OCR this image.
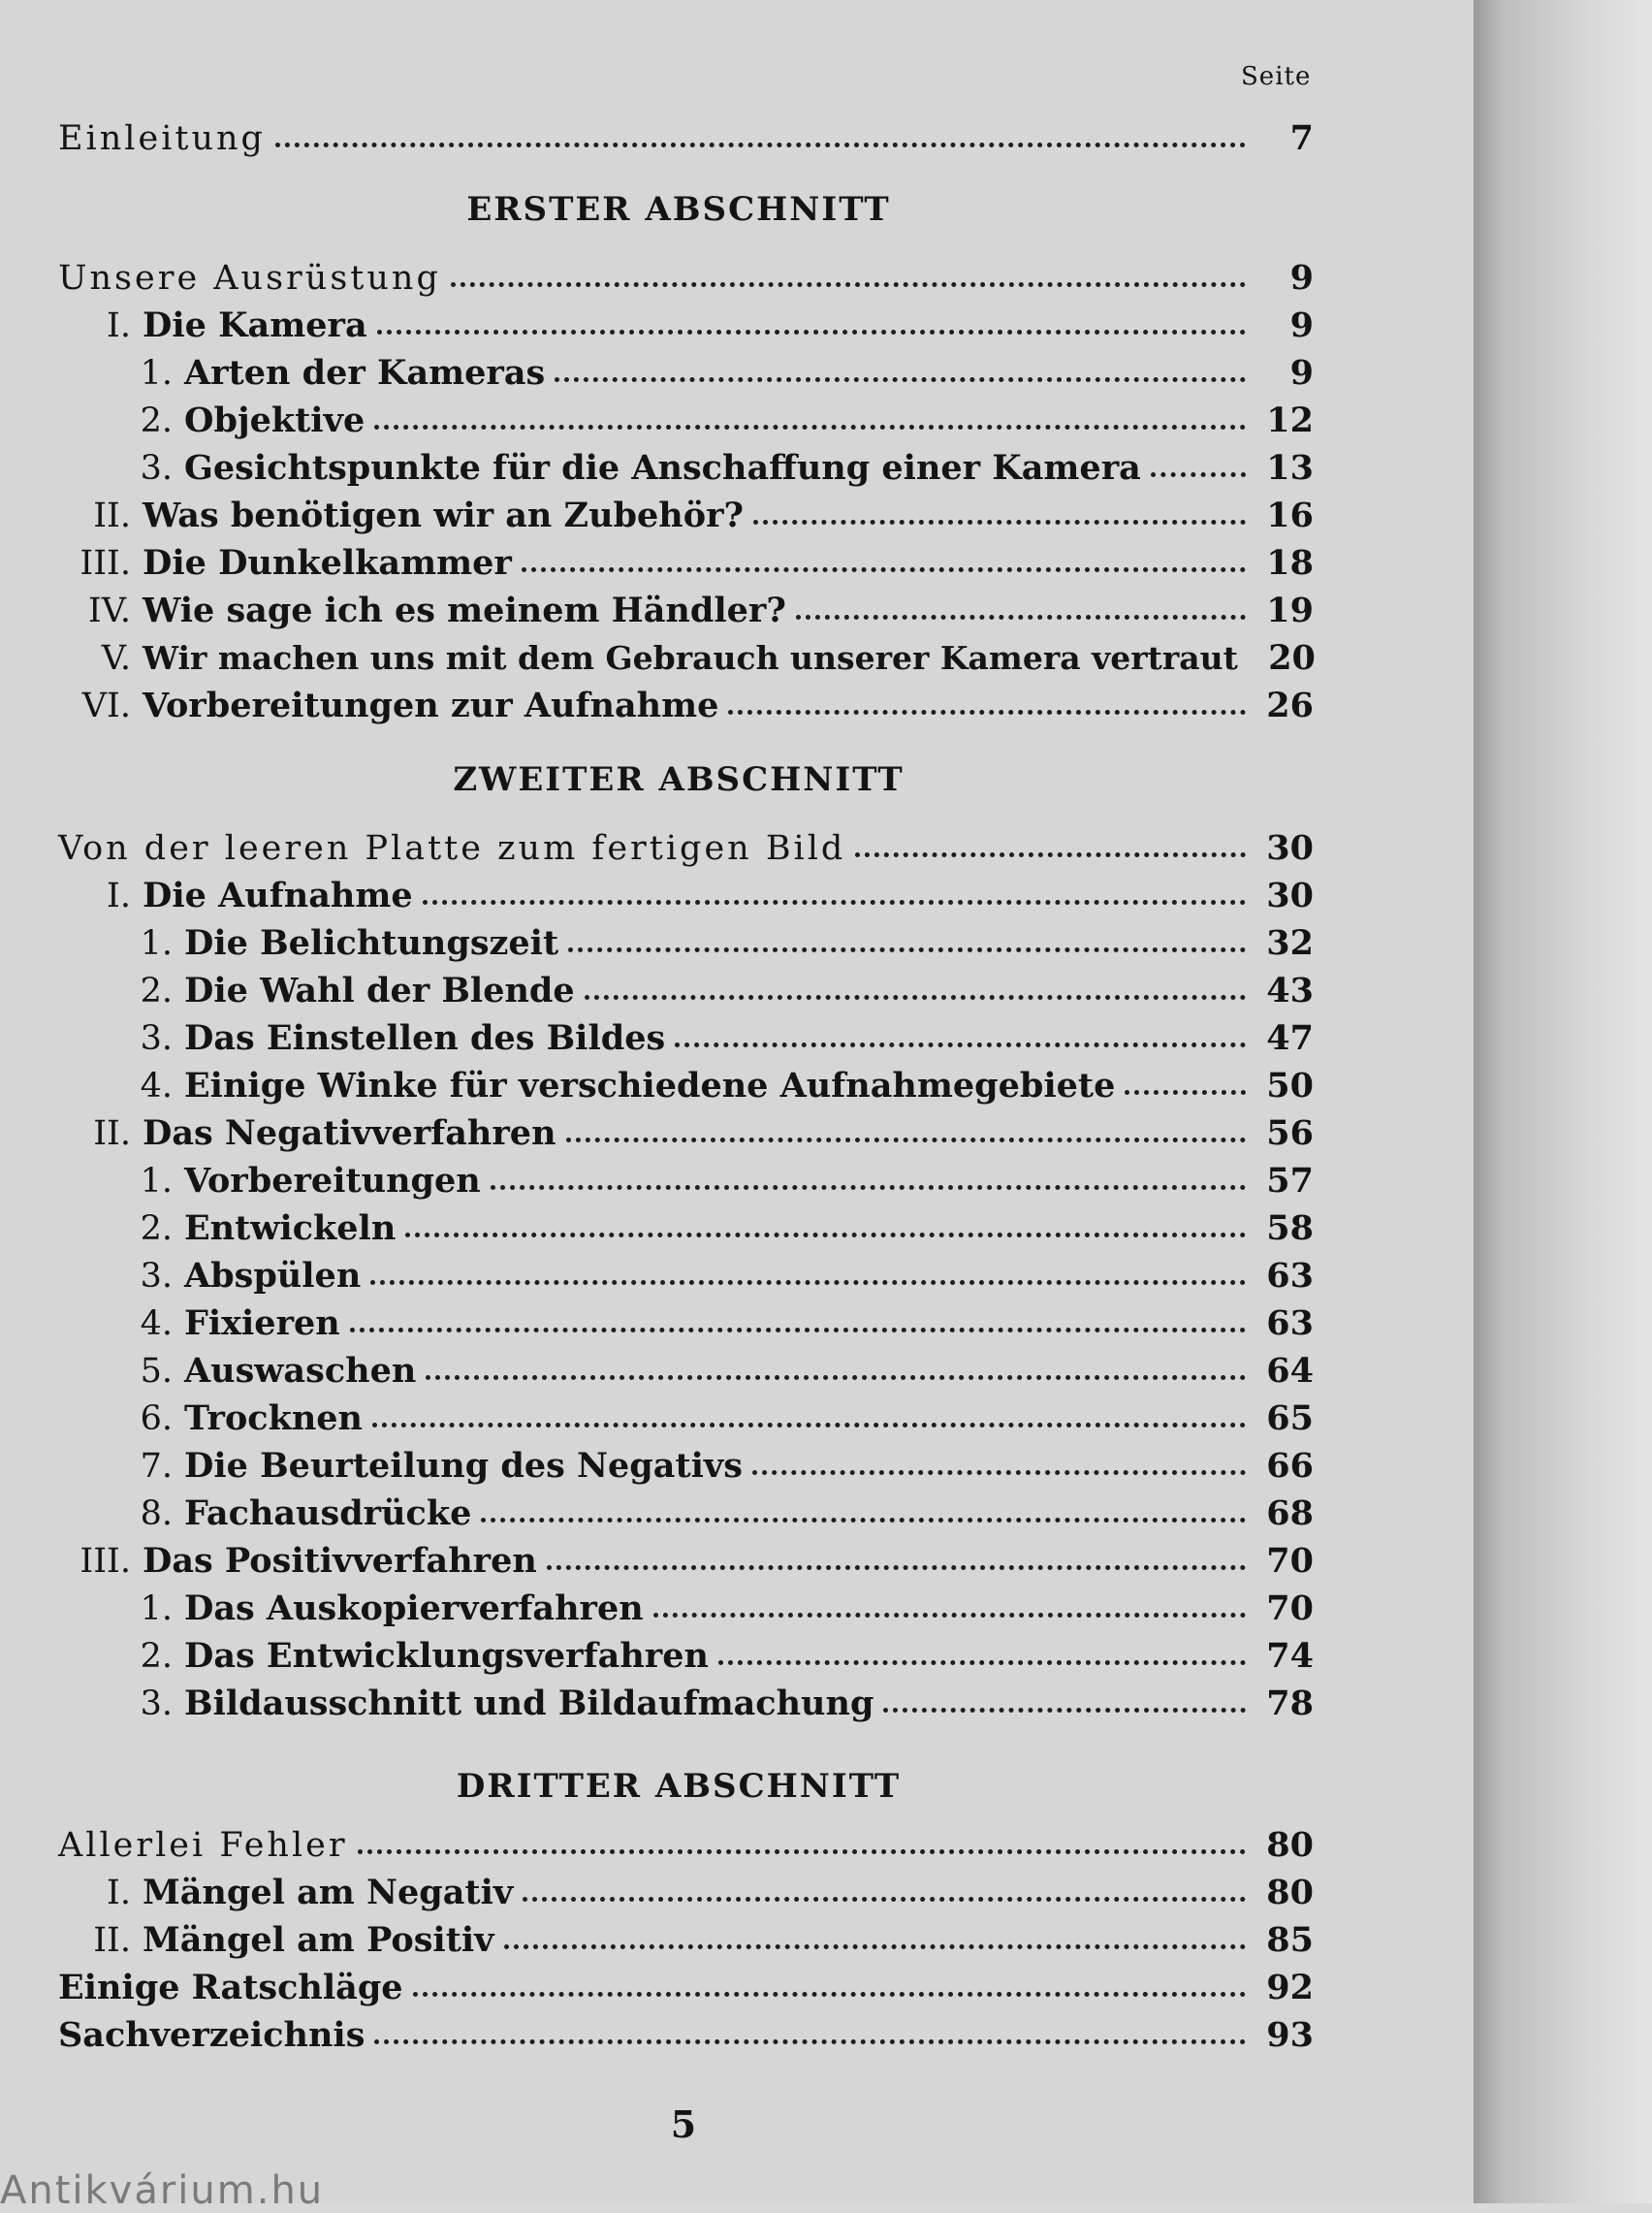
Seite
Einleitung	7
ERSTER ABSCHNITT
Unsere Ausrüstung	9
I. Die Kamera	9
1. Arten der Kameras	9
2. Objektive	12
3. Gesichtspunkte für die Anschaffung einer Kamera	13
II. Was benötigen wir an Zubehör?	16
III. Die Dunkelkammer	18
IV. Wie sage ich es meinem Händler?	19
V. Wir machen uns mit dem Gebrauch unserer Kamera vertraut 20
VI. Vorbereitungen zur Aufnahme	26
ZWEITER ABSCHNITT
Von der leeren Platte zum fertigen Bild	30
I. Die Aufnahme	30
1. Die Belichtungszeit	32
2. Die Wahl der Blende	43
3. Das Einstellen des Bildes	47
4. Einige Winke für verschiedene Aufnahmegebiete	50
II. Das Negativverfahren	56
1. Vorbereitungen	57
2. Entwickeln	58
3. Abspülen	63
4. Fixieren	63
5. Auswaschen	64
6. Trocknen	65
7. Die Beurteilung des Negativs	66
8. Fachausdrücke	68
III. Das Positivverfahren	70
1. Das Auskopierverfahren	70
2. Das Entwicklungsverfahren	74
3. Bildausschnitt und Bildaufmachung	78
DRITTER ABSCHNITT
Allerlei Fehler	80
I. Mängel am Negativ	80
II. Mängel am Positiv	85
Einige Ratschläge	92
Sachverzeichnis	93
5
Antikvárium.hu
